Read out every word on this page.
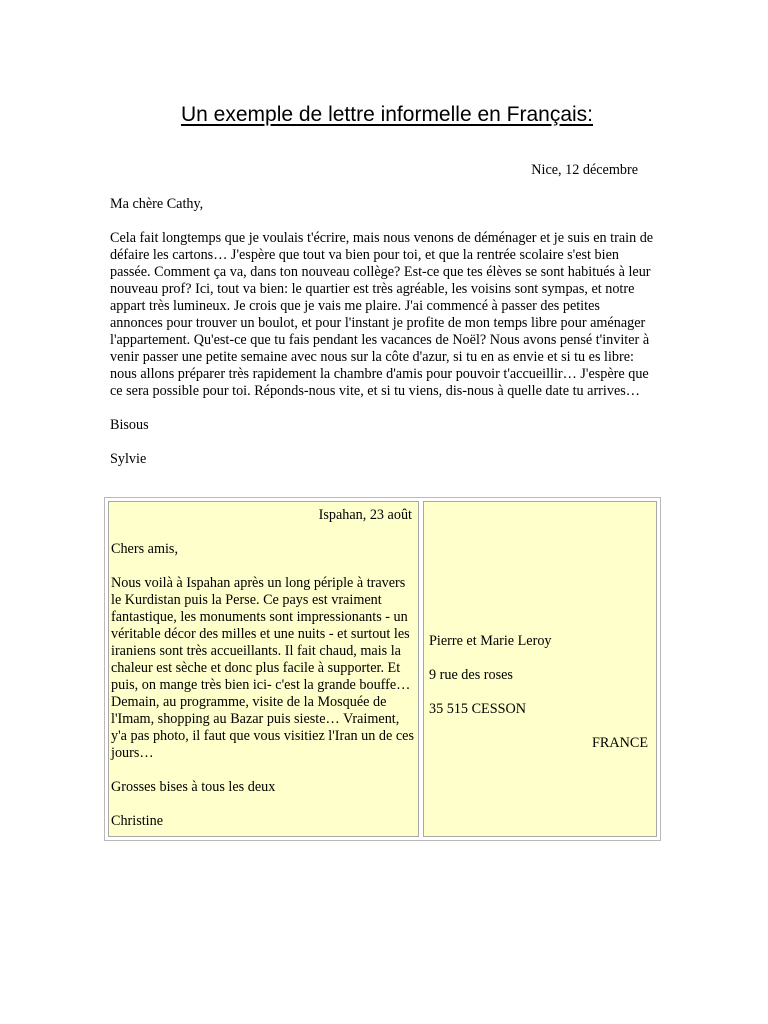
Un exemple de lettre informelle en Français:

Nice, 12 décembre

Ma chère Cathy,

Cela fait longtemps que je voulais t'écrire, mais nous venons de déménager et je suis en train de défaire les cartons… J'espère que tout va bien pour toi, et que la rentrée scolaire s'est bien passée. Comment ça va, dans ton nouveau collège? Est-ce que tes élèves se sont habitués à leur nouveau prof? Ici, tout va bien: le quartier est très agréable, les voisins sont sympas, et notre appart très lumineux. Je crois que je vais me plaire. J'ai commencé à passer des petites annonces pour trouver un boulot, et pour l'instant je profite de mon temps libre pour aménager l'appartement. Qu'est-ce que tu fais pendant les vacances de Noël? Nous avons pensé t'inviter à venir passer une petite semaine avec nous sur la côte d'azur, si tu en as envie et si tu es libre: nous allons préparer très rapidement la chambre d'amis pour pouvoir t'accueillir… J'espère que ce sera possible pour toi. Réponds-nous vite, et si tu viens, dis-nous à quelle date tu arrives…

Bisous

Sylvie

Ispahan, 23 août

Chers amis,

Nous voilà à Ispahan après un long périple à travers le Kurdistan puis la Perse. Ce pays est vraiment fantastique, les monuments sont impressionants - un véritable décor des milles et une nuits - et surtout les iraniens sont très accueillants. Il fait chaud, mais la chaleur est sèche et donc plus facile à supporter. Et puis, on mange très bien ici- c'est la grande bouffe… Demain, au programme, visite de la Mosquée de l'Imam, shopping au Bazar puis sieste… Vraiment, y'a pas photo, il faut que vous visitiez l'Iran un de ces jours…

Grosses bises à tous les deux

Christine

Pierre et Marie Leroy

9 rue des roses

35 515 CESSON

FRANCE
